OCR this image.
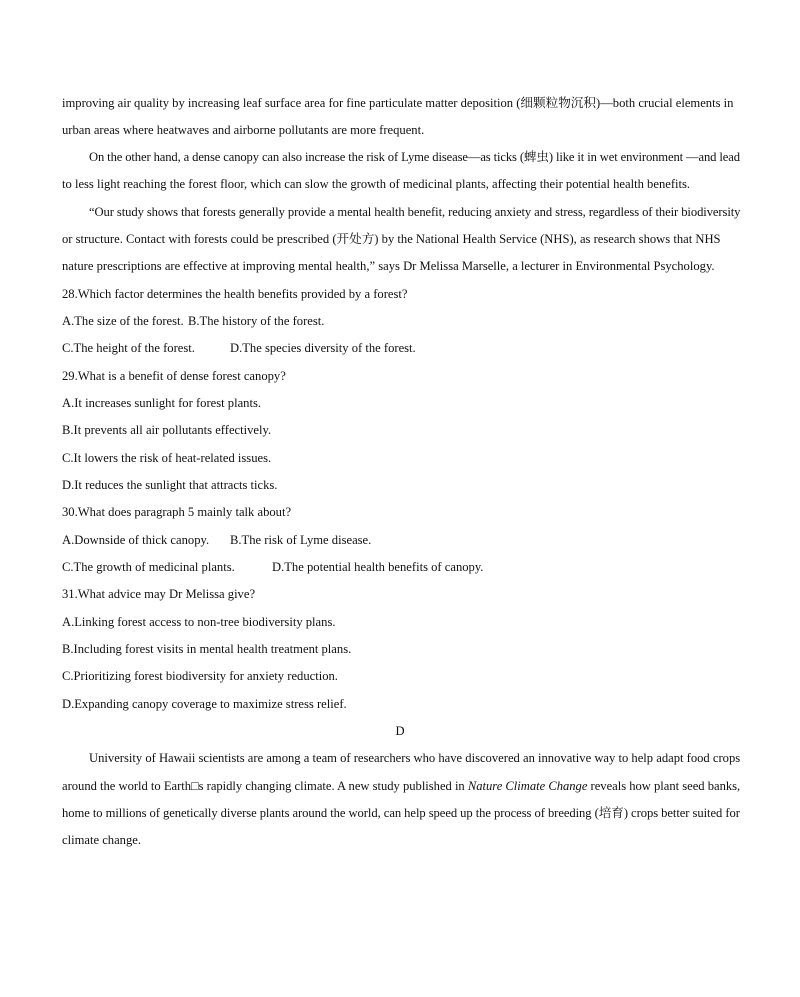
improving air quality by increasing leaf surface area for fine particulate matter deposition (细颗粒物沉积)—both crucial elements in
urban areas where heatwaves and airborne pollutants are more frequent.
On the other hand, a dense canopy can also increase the risk of Lyme disease—as ticks (蜱虫) like it in wet environment —and lead
to less light reaching the forest floor, which can slow the growth of medicinal plants, affecting their potential health benefits.
“Our study shows that forests generally provide a mental health benefit, reducing anxiety and stress, regardless of their biodiversity
or structure. Contact with forests could be prescribed (开处方) by the National Health Service (NHS), as research shows that NHS
nature prescriptions are effective at improving mental health,” says Dr Melissa Marselle, a lecturer in Environmental Psychology.
28.Which factor determines the health benefits provided by a forest?
A.The size of the forest. B.The history of the forest.
C.The height of the forest.	D.The species diversity of the forest.
29.What is a benefit of dense forest canopy?
A.It increases sunlight for forest plants.
B.It prevents all air pollutants effectively.
C.It lowers the risk of heat-related issues.
D.It reduces the sunlight that attracts ticks.
30.What does paragraph 5 mainly talk about?
A.Downside of thick canopy. B.The risk of Lyme disease.
C.The growth of medicinal plants.	D.The potential health benefits of canopy.
31.What advice may Dr Melissa give?
A.Linking forest access to non-tree biodiversity plans.
B.Including forest visits in mental health treatment plans.
C.Prioritizing forest biodiversity for anxiety reduction.
D.Expanding canopy coverage to maximize stress relief.
D
University of Hawaii scientists are among a team of researchers who have discovered an innovative way to help adapt food crops
around the world to Earth□s rapidly changing climate. A new study published in Nature Climate Change reveals how plant seed banks,
home to millions of genetically diverse plants around the world, can help speed up the process of breeding (培育) crops better suited for
climate change.
